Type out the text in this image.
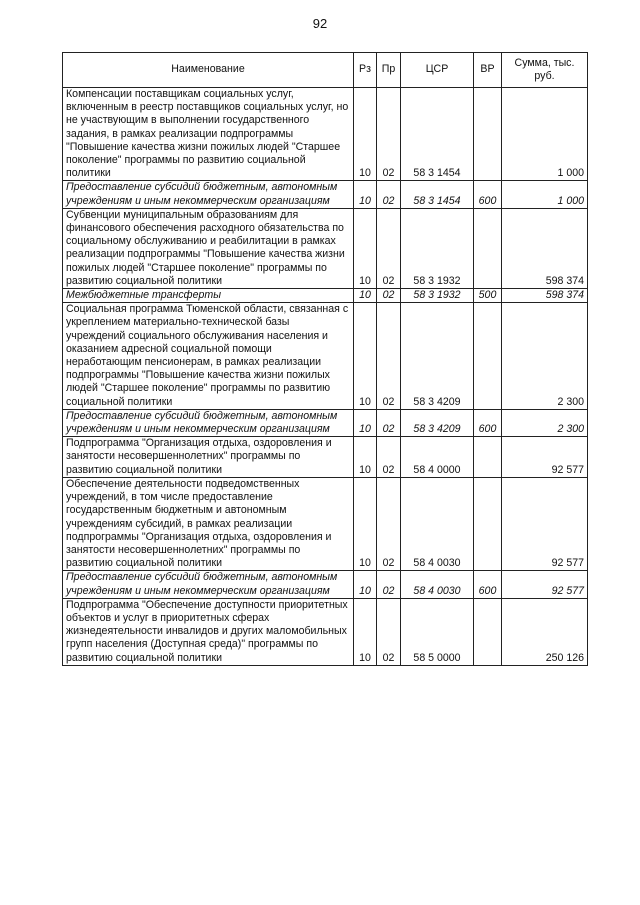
92
Наименование	Рз	Пр	ЦСР	ВР	Сумма, тыс. руб.
Компенсации поставщикам социальных услуг, включенным в реестр поставщиков социальных услуг, но не участвующим в выполнении государственного задания, в рамках реализации подпрограммы "Повышение качества жизни пожилых людей "Старшее поколение" программы по развитию социальной политики	10	02	58 3 1454		1 000
Предоставление субсидий бюджетным, автономным учреждениям и иным некоммерческим организациям	10	02	58 3 1454	600	1 000
Субвенции муниципальным образованиям для финансового обеспечения расходного обязательства по социальному обслуживанию и реабилитации в рамках реализации подпрограммы "Повышение качества жизни пожилых людей "Старшее поколение" программы по развитию социальной политики	10	02	58 3 1932		598 374
Межбюджетные трансферты	10	02	58 3 1932	500	598 374
Социальная программа Тюменской области, связанная с укреплением материально-технической базы учреждений социального обслуживания населения и оказанием адресной социальной помощи неработающим пенсионерам, в рамках реализации подпрограммы "Повышение качества жизни пожилых людей "Старшее поколение" программы по развитию социальной политики	10	02	58 3 4209		2 300
Предоставление субсидий бюджетным, автономным учреждениям и иным некоммерческим организациям	10	02	58 3 4209	600	2 300
Подпрограмма "Организация отдыха, оздоровления и занятости несовершеннолетних" программы по развитию социальной политики	10	02	58 4 0000		92 577
Обеспечение деятельности подведомственных учреждений, в том числе предоставление государственным бюджетным и автономным учреждениям субсидий, в рамках реализации подпрограммы "Организация отдыха, оздоровления и занятости несовершеннолетних" программы по развитию социальной политики	10	02	58 4 0030		92 577
Предоставление субсидий бюджетным, автономным учреждениям и иным некоммерческим организациям	10	02	58 4 0030	600	92 577
Подпрограмма "Обеспечение доступности приоритетных объектов и услуг в приоритетных сферах жизнедеятельности инвалидов и других маломобильных групп населения (Доступная среда)" программы по развитию социальной политики	10	02	58 5 0000		250 126
